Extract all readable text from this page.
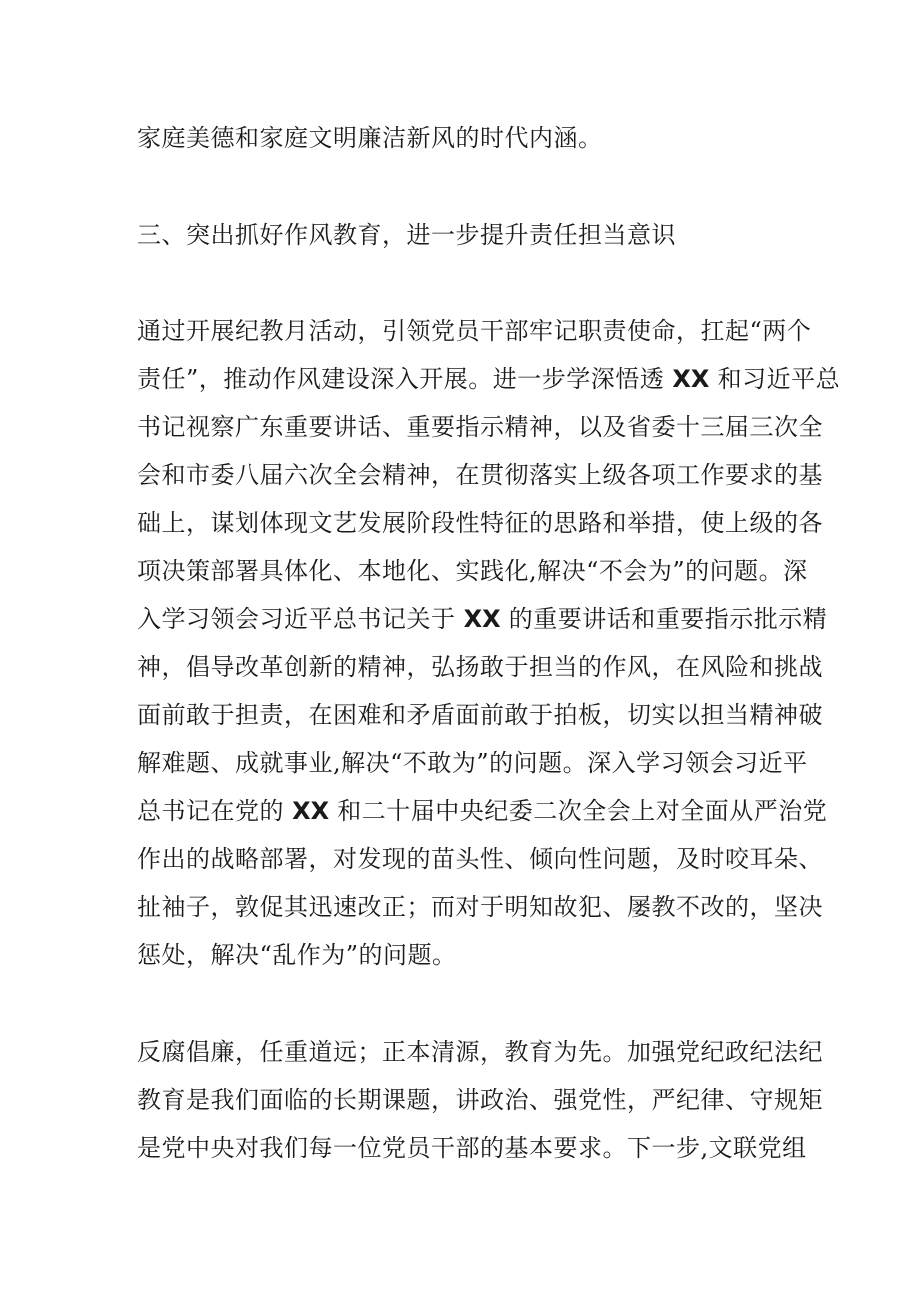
家庭美德和家庭文明廉洁新风的时代内涵。
三、突出抓好作风教育，进一步提升责任担当意识
通过开展纪教月活动，引领党员干部牢记职责使命，扛起“两个
责任”，推动作风建设深入开展。进一步学深悟透 XX 和习近平总
书记视察广东重要讲话、重要指示精神，以及省委十三届三次全
会和市委八届六次全会精神，在贯彻落实上级各项工作要求的基
础上，谋划体现文艺发展阶段性特征的思路和举措，使上级的各
项决策部署具体化、本地化、实践化,解决“不会为”的问题。深
入学习领会习近平总书记关于 XX 的重要讲话和重要指示批示精
神，倡导改革创新的精神，弘扬敢于担当的作风，在风险和挑战
面前敢于担责，在困难和矛盾面前敢于拍板，切实以担当精神破
解难题、成就事业,解决“不敢为”的问题。深入学习领会习近平
总书记在党的 XX 和二十届中央纪委二次全会上对全面从严治党
作出的战略部署，对发现的苗头性、倾向性问题，及时咬耳朵、
扯袖子，敦促其迅速改正；而对于明知故犯、屡教不改的，坚决
惩处，解决“乱作为”的问题。
反腐倡廉，任重道远；正本清源，教育为先。加强党纪政纪法纪
教育是我们面临的长期课题，讲政治、强党性，严纪律、守规矩
是党中央对我们每一位党员干部的基本要求。下一步,文联党组
